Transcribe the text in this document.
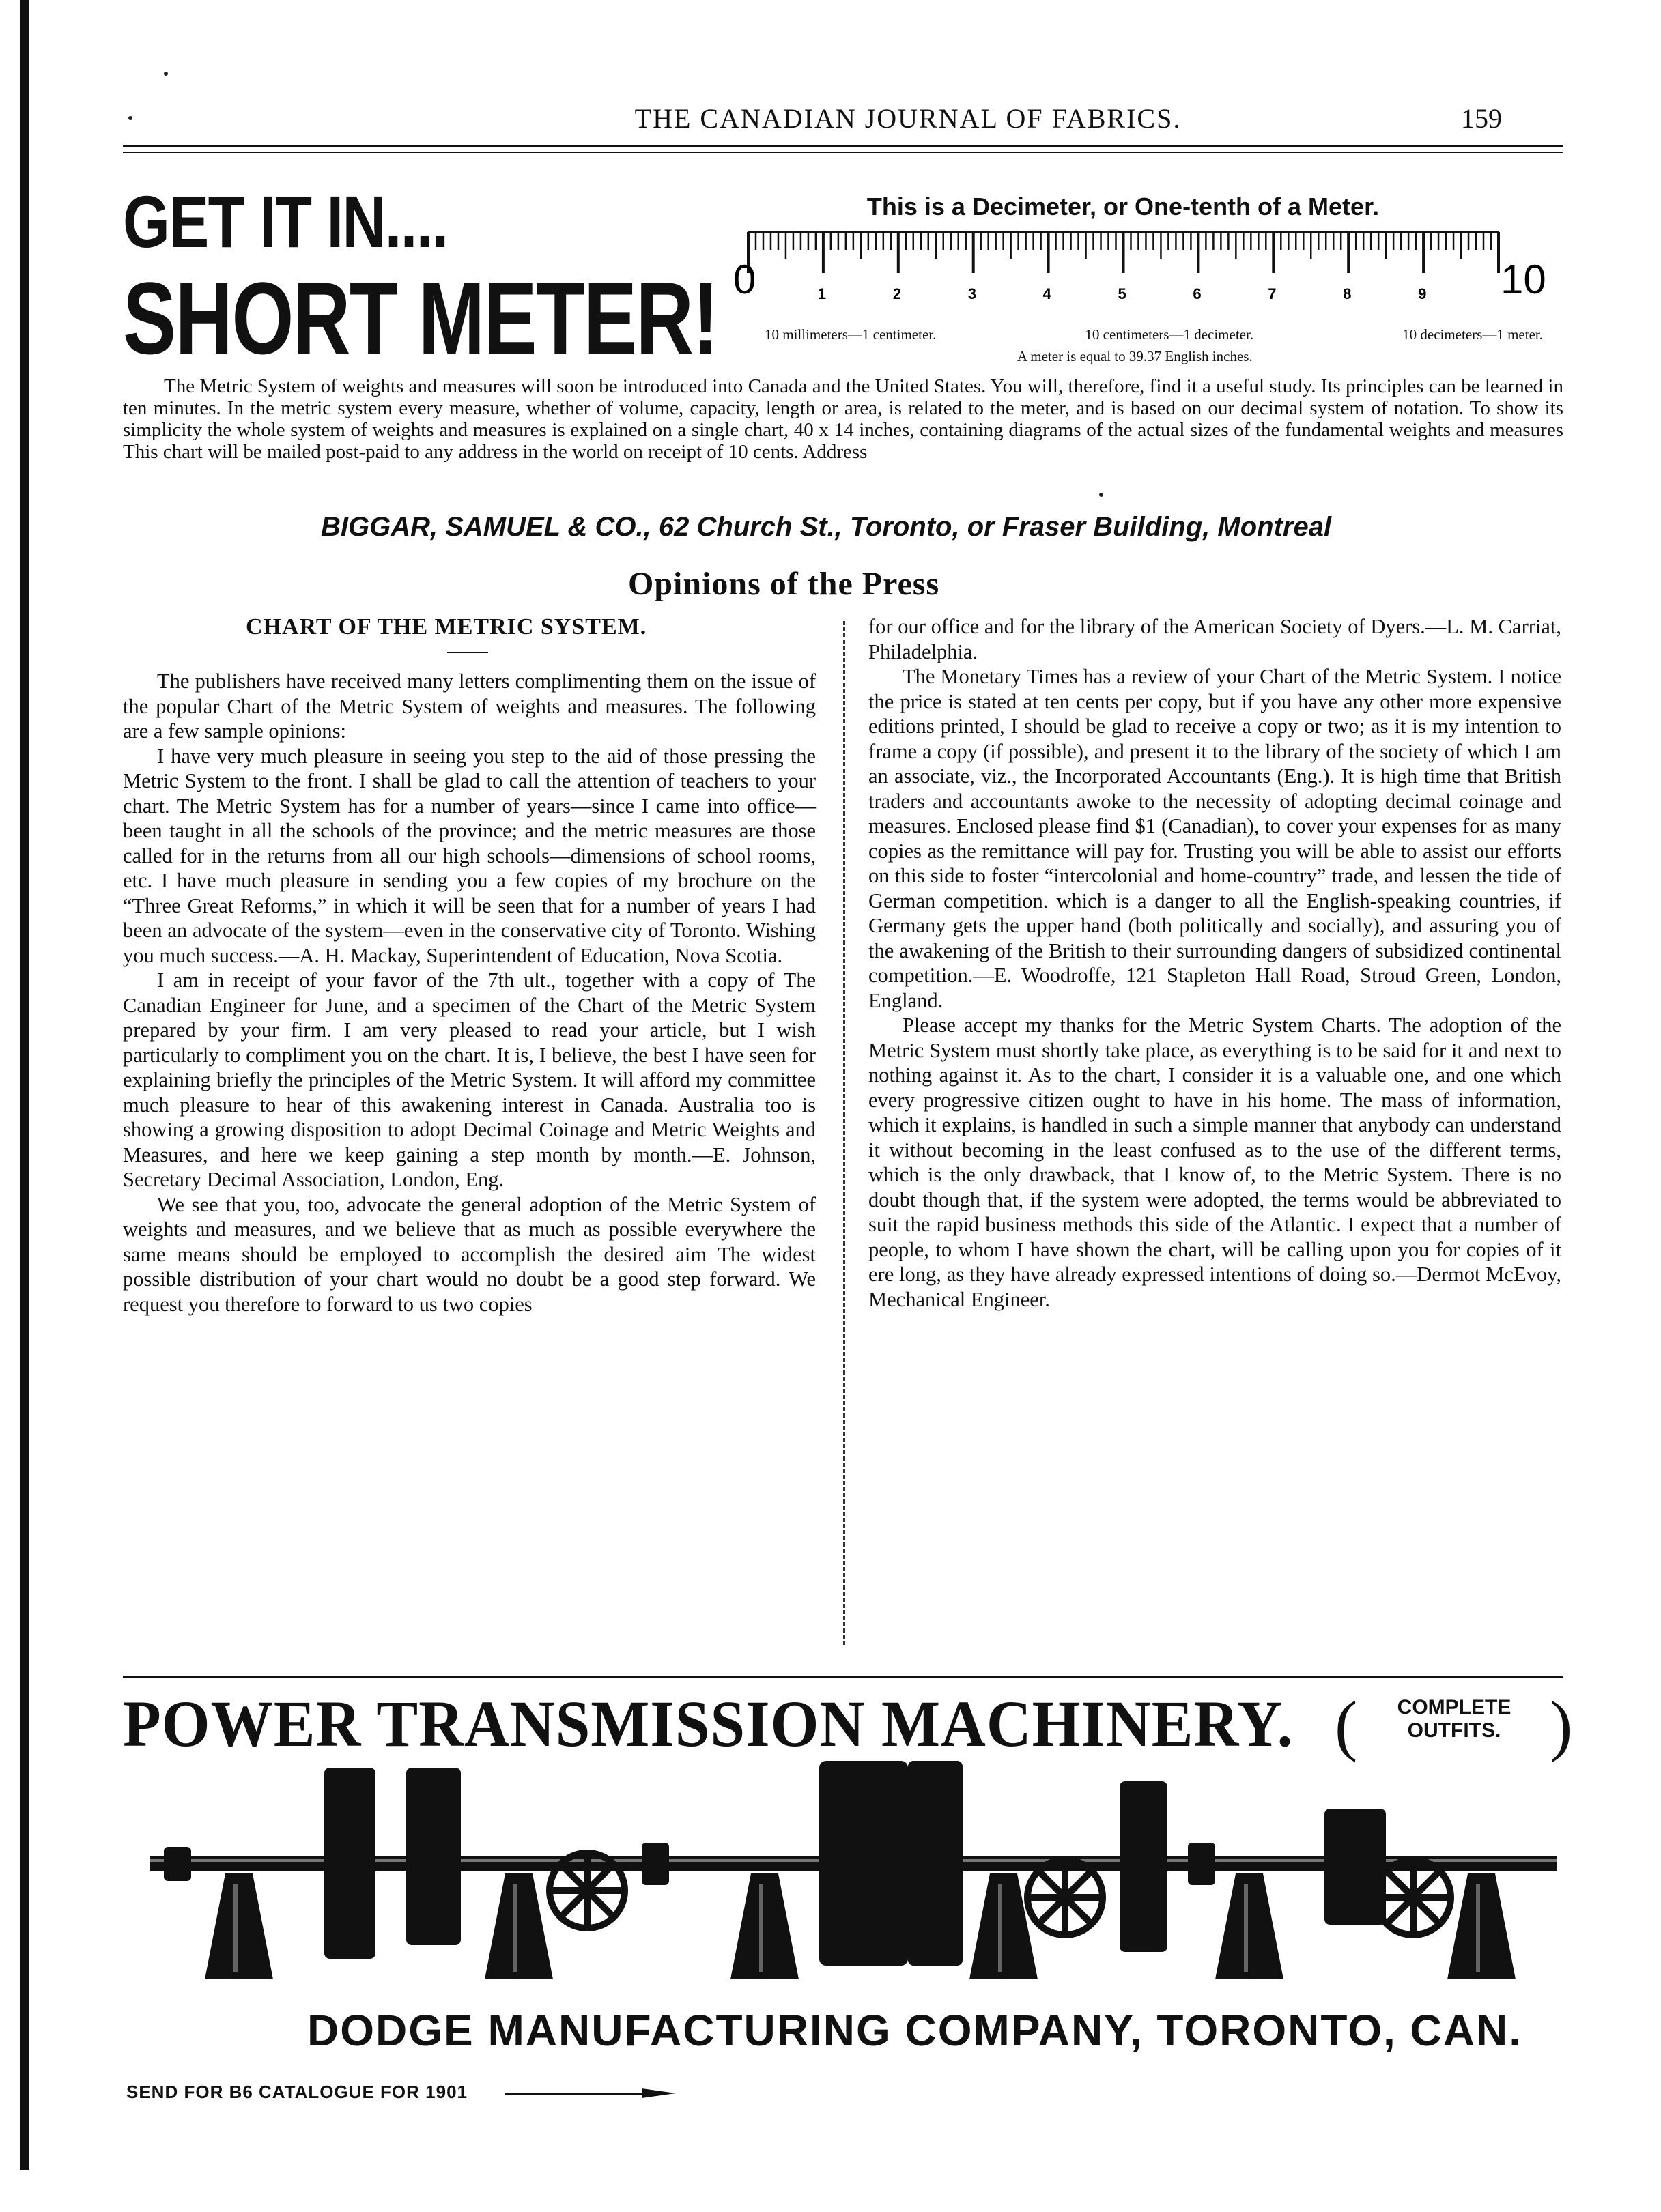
THE CANADIAN JOURNAL OF FABRICS.	159
GET IT IN....
SHORT METER!
This is a Decimeter, or One-tenth of a Meter.
0	10
1	2	3	4	5	6	7	8	9
10 millimeters—1 centimeter.	10 centimeters—1 decimeter.	10 decimeters—1 meter.
A meter is equal to 39.37 English inches.
The Metric System of weights and measures will soon be introduced into Canada and the United States. You will, therefore, find it a useful study. Its principles can be learned in ten minutes. In the metric system every measure, whether of volume, capacity, length or area, is related to the meter, and is based on our decimal system of notation. To show its simplicity the whole system of weights and measures is explained on a single chart, 40 x 14 inches, containing diagrams of the actual sizes of the fundamental weights and measures This chart will be mailed post-paid to any address in the world on receipt of 10 cents. Address
BIGGAR, SAMUEL & CO., 62 Church St., Toronto, or Fraser Building, Montreal
Opinions of the Press
CHART OF THE METRIC SYSTEM.

The publishers have received many letters complimenting them on the issue of the popular Chart of the Metric System of weights and measures. The following are a few sample opinions:

I have very much pleasure in seeing you step to the aid of those pressing the Metric System to the front. I shall be glad to call the attention of teachers to your chart. The Metric System has for a number of years—since I came into office—been taught in all the schools of the province; and the metric measures are those called for in the returns from all our high schools—dimensions of school rooms, etc. I have much pleasure in sending you a few copies of my brochure on the “Three Great Reforms,” in which it will be seen that for a number of years I had been an advocate of the system—even in the conservative city of Toronto. Wishing you much success.—A. H. Mackay, Superintendent of Education, Nova Scotia.

I am in receipt of your favor of the 7th ult., together with a copy of The Canadian Engineer for June, and a specimen of the Chart of the Metric System prepared by your firm. I am very pleased to read your article, but I wish particularly to compliment you on the chart. It is, I believe, the best I have seen for explaining briefly the principles of the Metric System. It will afford my committee much pleasure to hear of this awakening interest in Canada. Australia too is showing a growing disposition to adopt Decimal Coinage and Metric Weights and Measures, and here we keep gaining a step month by month.—E. Johnson, Secretary Decimal Association, London, Eng.

We see that you, too, advocate the general adoption of the Metric System of weights and measures, and we believe that as much as possible everywhere the same means should be employed to accomplish the desired aim The widest possible distribution of your chart would no doubt be a good step forward. We request you therefore to forward to us two copies

for our office and for the library of the American Society of Dyers.—L. M. Carriat, Philadelphia.

The Monetary Times has a review of your Chart of the Metric System. I notice the price is stated at ten cents per copy, but if you have any other more expensive editions printed, I should be glad to receive a copy or two; as it is my intention to frame a copy (if possible), and present it to the library of the society of which I am an associate, viz., the Incorporated Accountants (Eng.). It is high time that British traders and accountants awoke to the necessity of adopting decimal coinage and measures. Enclosed please find $1 (Canadian), to cover your expenses for as many copies as the remittance will pay for. Trusting you will be able to assist our efforts on this side to foster “intercolonial and home-country” trade, and lessen the tide of German competition. which is a danger to all the English-speaking countries, if Germany gets the upper hand (both politically and socially), and assuring you of the awakening of the British to their surrounding dangers of subsidized continental competition.—E. Woodroffe, 121 Stapleton Hall Road, Stroud Green, London, England.

Please accept my thanks for the Metric System Charts. The adoption of the Metric System must shortly take place, as everything is to be said for it and next to nothing against it. As to the chart, I consider it is a valuable one, and one which every progressive citizen ought to have in his home. The mass of information, which it explains, is handled in such a simple manner that anybody can understand it without becoming in the least confused as to the use of the different terms, which is the only drawback, that I know of, to the Metric System. There is no doubt though that, if the system were adopted, the terms would be abbreviated to suit the rapid business methods this side of the Atlantic. I expect that a number of people, to whom I have shown the chart, will be calling upon you for copies of it ere long, as they have already expressed intentions of doing so.—Dermot McEvoy, Mechanical Engineer.

POWER TRANSMISSION MACHINERY. (	COMPLETE
OUTFITS. )
DODGE MANUFACTURING COMPANY, TORONTO, CAN.
SEND FOR B6 CATALOGUE FOR 1901
